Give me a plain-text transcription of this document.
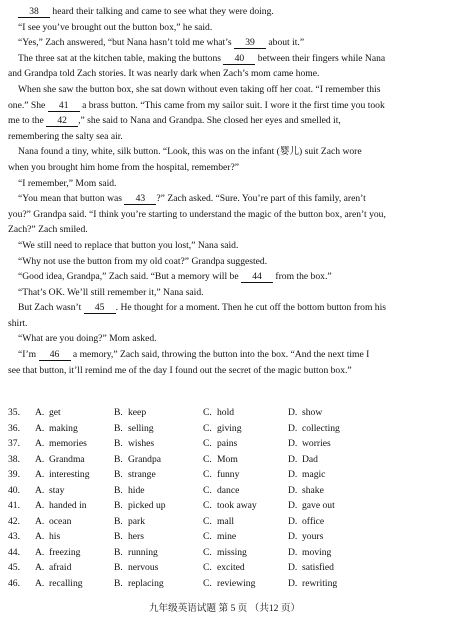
38 heard their talking and came to see what they were doing.
“I see you’ve brought out the button box,” he said.
“Yes,” Zach answered, “but Nana hasn’t told me what’s 39 about it.”
The three sat at the kitchen table, making the buttons 40 between their fingers while Nana
and Grandpa told Zach stories. It was nearly dark when Zach’s mom came home.
When she saw the button box, she sat down without even taking off her coat. “I remember this
one.” She 41 a brass button. “This came from my sailor suit. I wore it the first time you took
me to the 42 ,” she said to Nana and Grandpa. She closed her eyes and smelled it,
remembering the salty sea air.
Nana found a tiny, white, silk button. “Look, this was on the infant (婴儿) suit Zach wore
when you brought him home from the hospital, remember?”
“I remember,” Mom said.
“You mean that button was 43 ?” Zach asked. “Sure. You’re part of this family, aren’t
you?” Grandpa said. “I think you’re starting to understand the magic of the button box, aren’t you,
Zach?” Zach smiled.
“We still need to replace that button you lost,” Nana said.
“Why not use the button from my old coat?” Grandpa suggested.
“Good idea, Grandpa,” Zach said. “But a memory will be 44 from the box.”
“That’s OK. We’ll still remember it,” Nana said.
But Zach wasn’t 45 . He thought for a moment. Then he cut off the bottom button from his
shirt.
“What are you doing?” Mom asked.
“I’m 46 a memory,” Zach said, throwing the button into the box. “And the next time I
see that button, it’ll remind me of the day I found out the secret of the magic button box.”
35.	A. get	B. keep	C. hold	D. show
36.	A. making	B. selling	C. giving	D. collecting
37.	A. memories	B. wishes	C. pains	D. worries
38.	A. Grandma	B. Grandpa	C. Mom	D. Dad
39.	A. interesting	B. strange	C. funny	D. magic
40.	A. stay	B. hide	C. dance	D. shake
41.	A. handed in	B. picked up	C. took away	D. gave out
42.	A. ocean	B. park	C. mall	D. office
43.	A. his	B. hers	C. mine	D. yours
44.	A. freezing	B. running	C. missing	D. moving
45.	A. afraid	B. nervous	C. excited	D. satisfied
46.	A. recalling	B. replacing	C. reviewing	D. rewriting
九年级英语试题 第 5 页 （共12 页）
